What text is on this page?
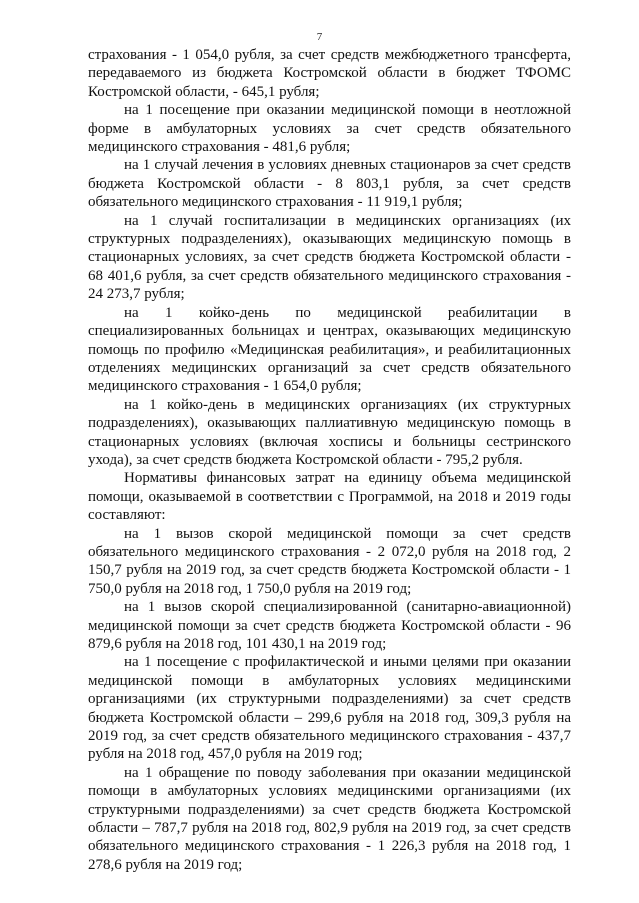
7

страхования - 1 054,0 рубля, за счет средств межбюджетного трансферта, передаваемого из бюджета Костромской области в бюджет ТФОМС Костромской области, - 645,1 рубля;

на 1 посещение при оказании медицинской помощи в неотложной форме в амбулаторных условиях за счет средств обязательного медицинского страхования - 481,6 рубля;

на 1 случай лечения в условиях дневных стационаров за счет средств бюджета Костромской области - 8 803,1 рубля, за счет средств обязательного медицинского страхования - 11 919,1 рубля;

на 1 случай госпитализации в медицинских организациях (их структурных подразделениях), оказывающих медицинскую помощь в стационарных условиях, за счет средств бюджета Костромской области - 68 401,6 рубля, за счет средств обязательного медицинского страхования - 24 273,7 рубля;

на 1 койко-день по медицинской реабилитации в специализированных больницах и центрах, оказывающих медицинскую помощь по профилю «Медицинская реабилитация», и реабилитационных отделениях медицинских организаций за счет средств обязательного медицинского страхования - 1 654,0 рубля;

на 1 койко-день в медицинских организациях (их структурных подразделениях), оказывающих паллиативную медицинскую помощь в стационарных условиях (включая хосписы и больницы сестринского ухода), за счет средств бюджета Костромской области - 795,2 рубля.

Нормативы финансовых затрат на единицу объема медицинской помощи, оказываемой в соответствии с Программой, на 2018 и 2019 годы составляют:

на 1 вызов скорой медицинской помощи за счет средств обязательного медицинского страхования - 2 072,0 рубля на 2018 год, 2 150,7 рубля на 2019 год, за счет средств бюджета Костромской области - 1 750,0 рубля на 2018 год, 1 750,0 рубля на 2019 год;

на 1 вызов скорой специализированной (санитарно-авиационной) медицинской помощи за счет средств бюджета Костромской области - 96 879,6 рубля на 2018 год, 101 430,1 на 2019 год;

на 1 посещение с профилактической и иными целями при оказании медицинской помощи в амбулаторных условиях медицинскими организациями (их структурными подразделениями) за счет средств бюджета Костромской области – 299,6 рубля на 2018 год, 309,3 рубля на 2019 год, за счет средств обязательного медицинского страхования - 437,7 рубля на 2018 год, 457,0 рубля на 2019 год;

на 1 обращение по поводу заболевания при оказании медицинской помощи в амбулаторных условиях медицинскими организациями (их структурными подразделениями) за счет средств бюджета Костромской области – 787,7 рубля на 2018 год, 802,9 рубля на 2019 год, за счет средств обязательного медицинского страхования - 1 226,3 рубля на 2018 год, 1 278,6 рубля на 2019 год;
